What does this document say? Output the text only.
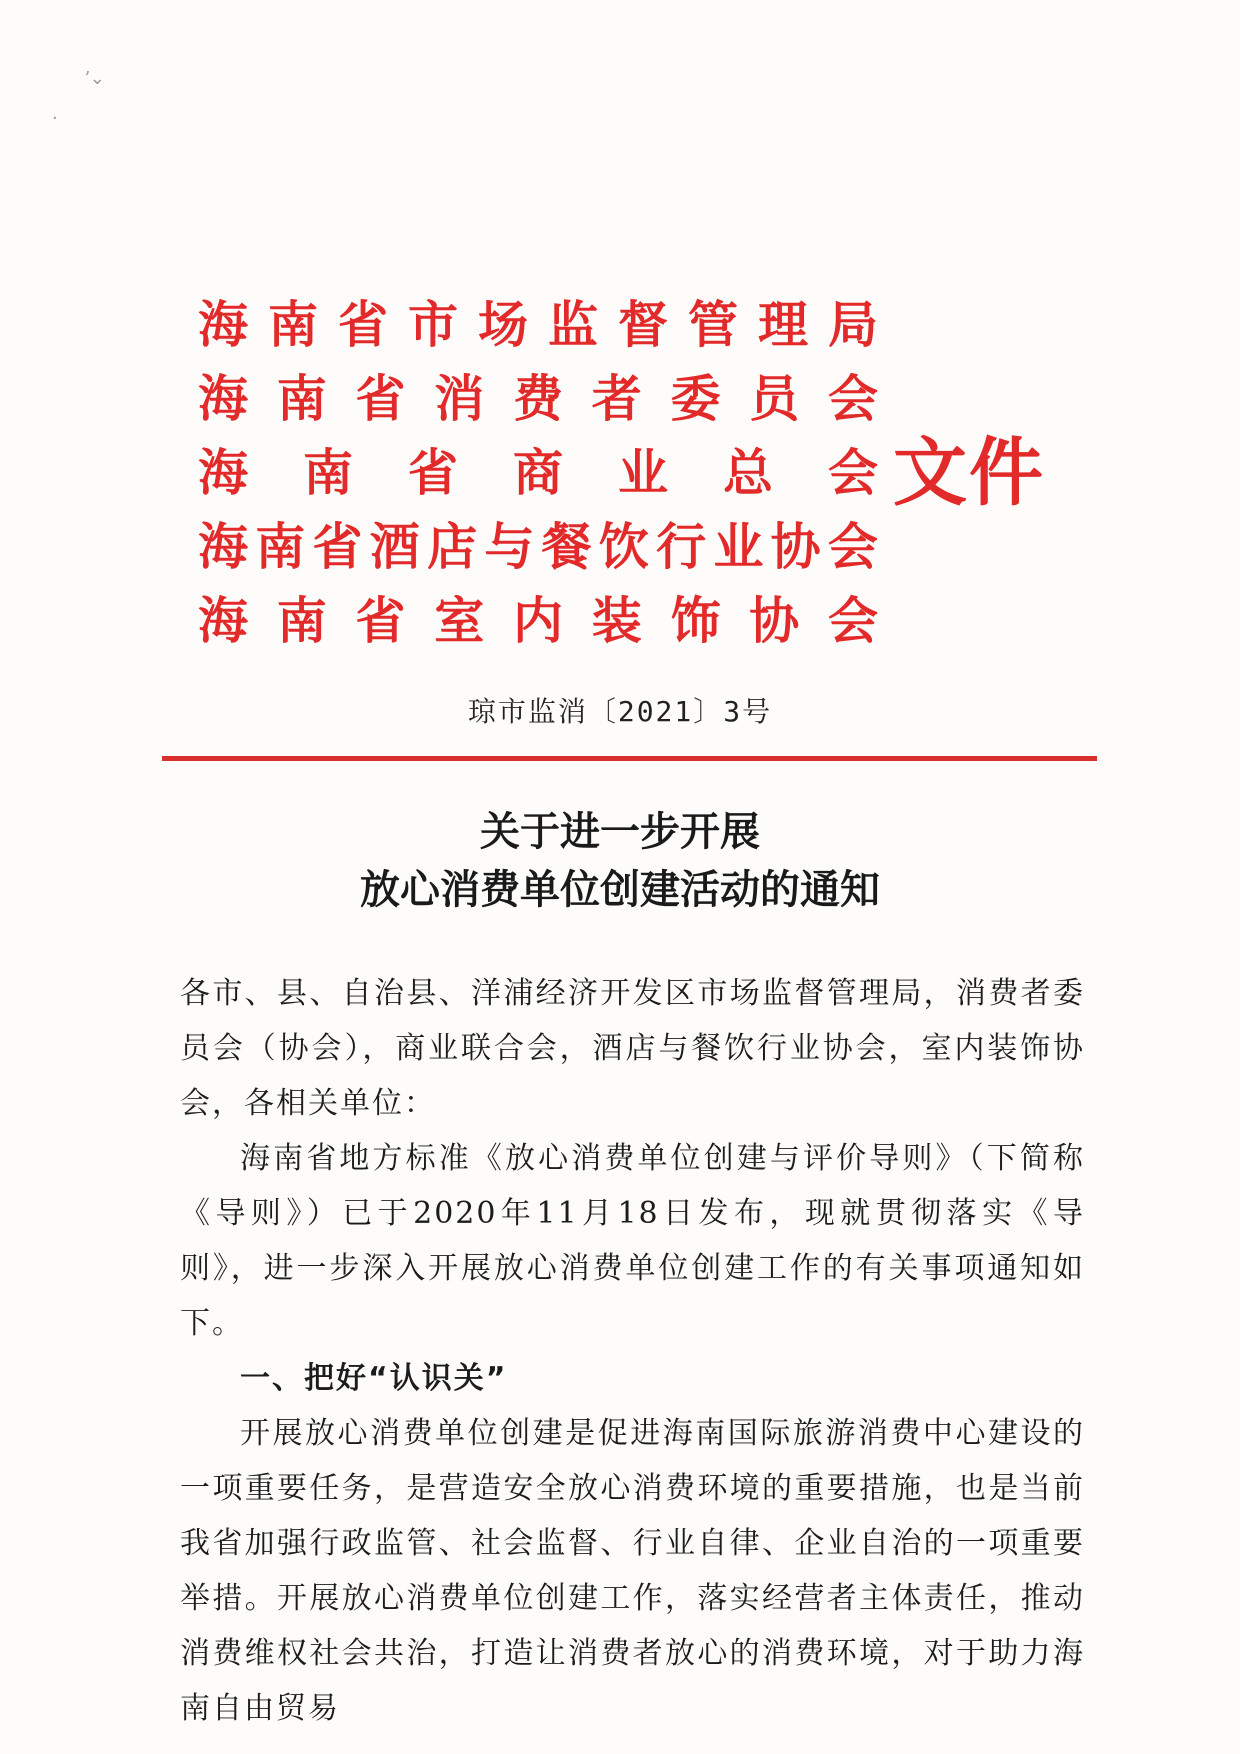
海 南 省 市 场 监 督 管 理 局
海 南 省 消 费 者 委 员 会
海 南 省 商 业 总 会
海 南 省 酒 店 与 餐 饮 行 业 协 会
海 南 省 室 内 装 饰 协 会
文件
琼市监消〔2021〕3号
关于进一步开展
放心消费单位创建活动的通知

各市、县、自治县、洋浦经济开发区市场监督管理局，消费者委员会（协会），商业联合会，酒店与餐饮行业协会，室内装饰协会，各相关单位：

海南省地方标准《放心消费单位创建与评价导则》（下简称《导则》）已于2020年11月18日发布，现就贯彻落实《导则》，进一步深入开展放心消费单位创建工作的有关事项通知如下。

一、把好“认识关”

开展放心消费单位创建是促进海南国际旅游消费中心建设的一项重要任务，是营造安全放心消费环境的重要措施，也是当前我省加强行政监管、社会监督、行业自律、企业自治的一项重要举措。开展放心消费单位创建工作，落实经营者主体责任，推动消费维权社会共治，打造让消费者放心的消费环境，对于助力海南自由贸易

ʼ⌄
·
